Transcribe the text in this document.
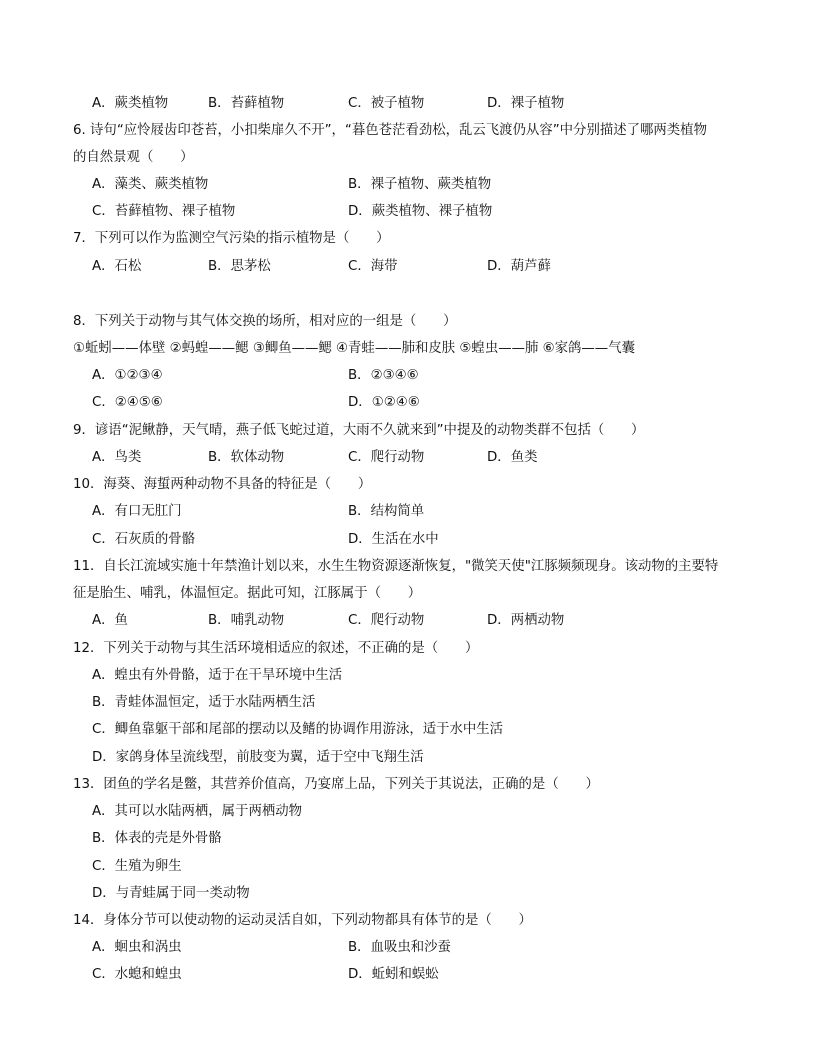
A．蕨类植物	B．苔藓植物	C．被子植物	D．裸子植物
6. 诗句“应怜屐齿印苍苔，小扣柴扉久不开”，“暮色苍茫看劲松，乱云飞渡仍从容”中分别描述了哪两类植物
的自然景观（　　）
A．藻类、蕨类植物	B．裸子植物、蕨类植物
C．苔藓植物、裸子植物	D．蕨类植物、裸子植物
7．下列可以作为监测空气污染的指示植物是（　　）
A．石松	B．思茅松	C．海带	D．葫芦藓
8．下列关于动物与其气体交换的场所，相对应的一组是（　　）
①蚯蚓——体壁 ②蚂蝗——鳃 ③鲫鱼——鳃 ④青蛙——肺和皮肤 ⑤蝗虫——肺 ⑥家鸽——气囊
A．①②③④	B．②③④⑥
C．②④⑤⑥	D．①②④⑥
9．谚语“泥鳅静，天气晴，燕子低飞蛇过道，大雨不久就来到”中提及的动物类群不包括（　　）
A．鸟类	B．软体动物	C．爬行动物	D．鱼类
10．海葵、海蜇两种动物不具备的特征是（　　）
A．有口无肛门	B．结构简单
C．石灰质的骨骼	D．生活在水中
11．自长江流域实施十年禁渔计划以来，水生生物资源逐渐恢复，"微笑天使"江豚频频现身。该动物的主要特
征是胎生、哺乳，体温恒定。据此可知，江豚属于（　　）
A．鱼	B．哺乳动物	C．爬行动物	D．两栖动物
12．下列关于动物与其生活环境相适应的叙述，不正确的是（　　）
A．蝗虫有外骨骼，适于在干旱环境中生活
B．青蛙体温恒定，适于水陆两栖生活
C．鲫鱼靠躯干部和尾部的摆动以及鳍的协调作用游泳，适于水中生活
D．家鸽身体呈流线型，前肢变为翼，适于空中飞翔生活
13．团鱼的学名是鳖，其营养价值高，乃宴席上品，下列关于其说法，正确的是（　　）
A．其可以水陆两栖，属于两栖动物
B．体表的壳是外骨骼
C．生殖为卵生
D．与青蛙属于同一类动物
14．身体分节可以使动物的运动灵活自如，下列动物都具有体节的是（　　）
A．蛔虫和涡虫	B．血吸虫和沙蚕
C．水螅和蝗虫	D．蚯蚓和蜈蚣
